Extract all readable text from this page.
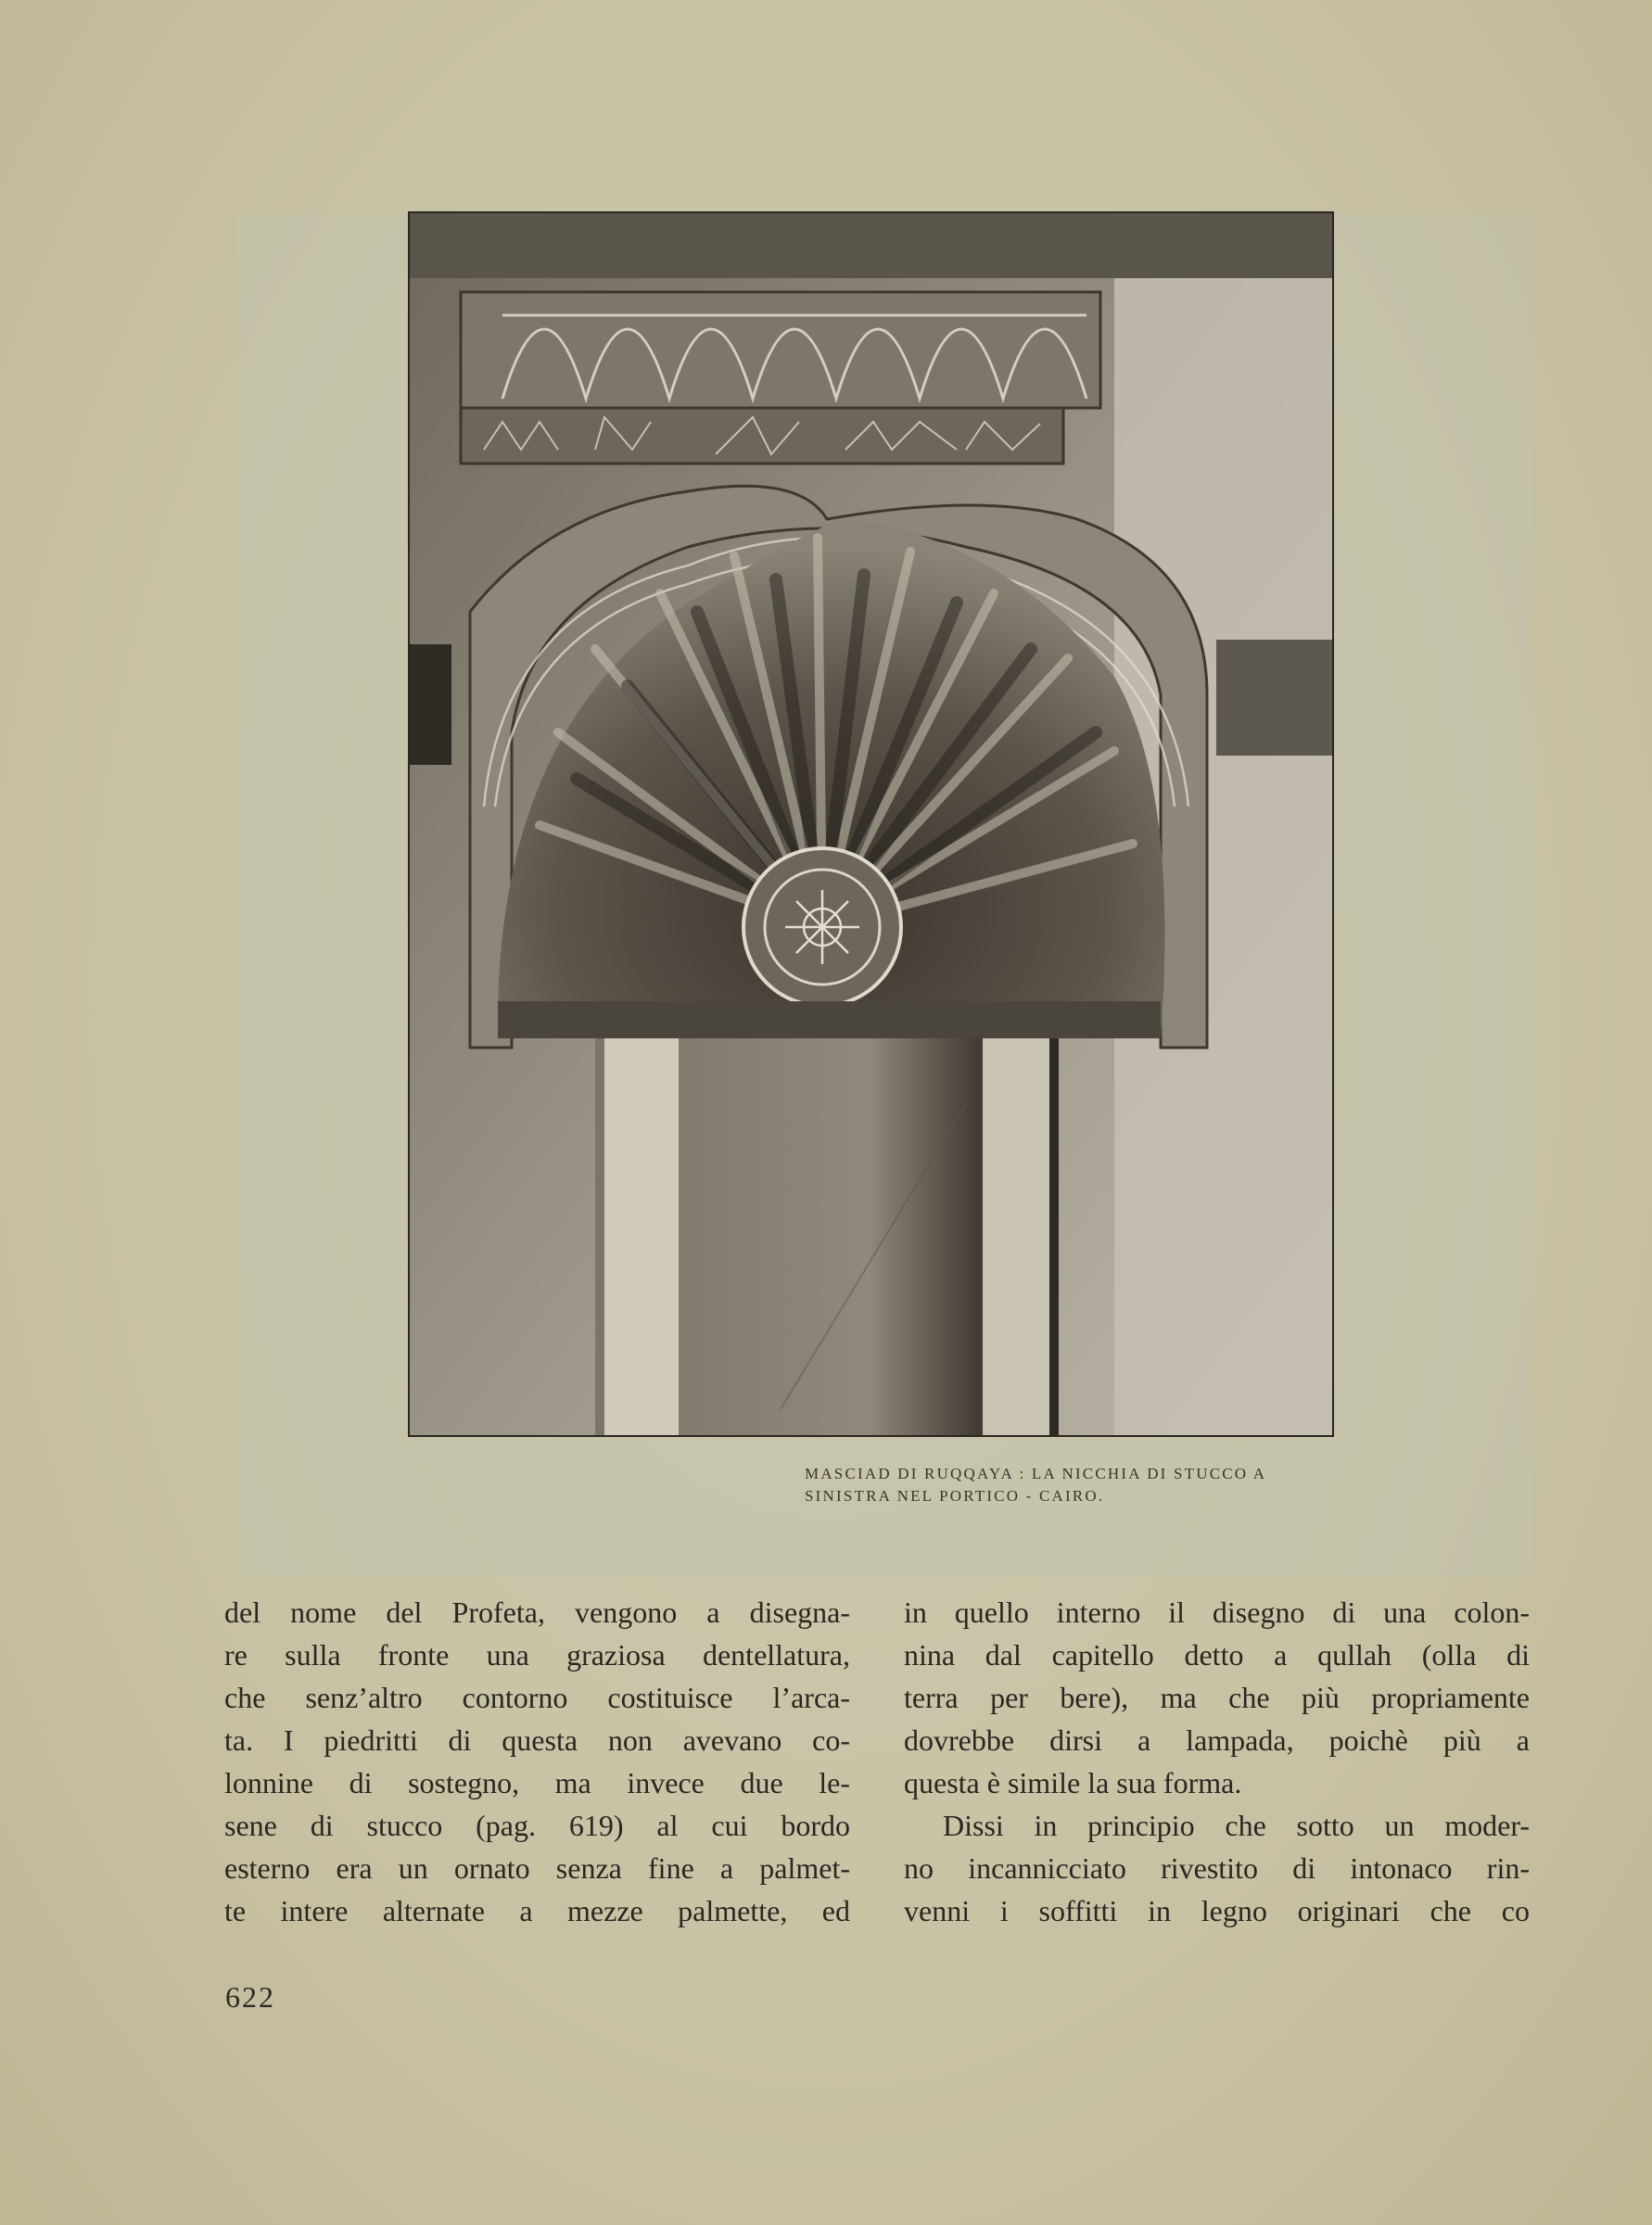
MASCIAD DI RUQQAYA : LA NICCHIA DI STUCCO A
SINISTRA NEL PORTICO - CAIRO.
del nome del Profeta, vengono a disegna-
re sulla fronte una graziosa dentellatura,
che senz’altro contorno costituisce l’arca-
ta. I piedritti di questa non avevano co-
lonnine di sostegno, ma invece due le-
sene di stucco (pag. 619) al cui bordo
esterno era un ornato senza fine a palmet-
te intere alternate a mezze palmette, ed
in quello interno il disegno di una colon-
nina dal capitello detto a qullah (olla di
terra per bere), ma che più propriamente
dovrebbe dirsi a lampada, poichè più a
questa è simile la sua forma.
Dissi in principio che sotto un moder-
no incannicciato rivestito di intonaco rin-
venni i soffitti in legno originari che co
622
